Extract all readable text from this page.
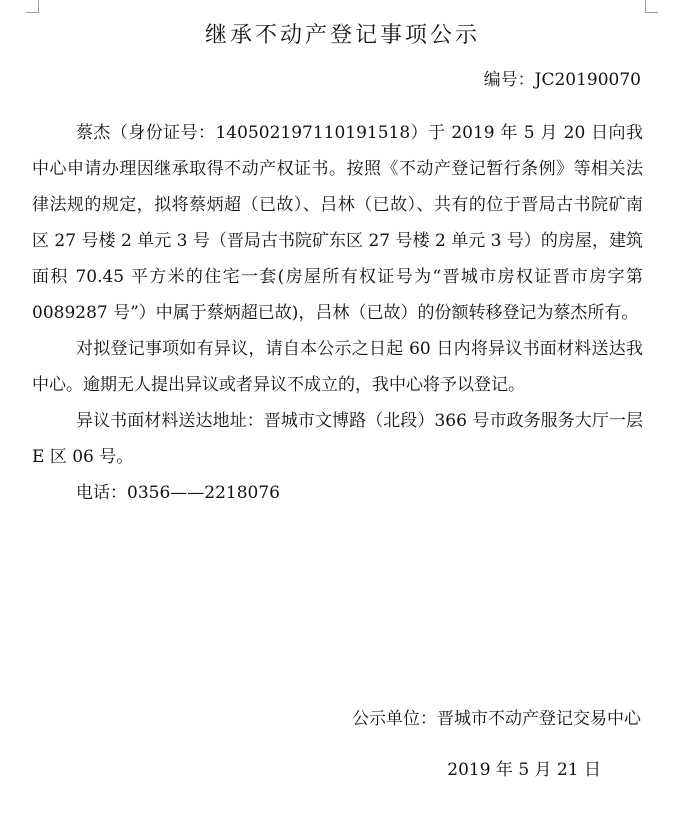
继承不动产登记事项公示
编号：JC20190070

蔡杰（身份证号：140502197110191518）于 2019 年 5 月 20 日向我中心申请办理因继承取得不动产权证书。按照《不动产登记暂行条例》等相关法律法规的规定，拟将蔡炳超（已故）、吕林（已故）、共有的位于晋局古书院矿南区 27 号楼 2 单元 3 号（晋局古书院矿东区 27 号楼 2 单元 3 号）的房屋，建筑面积 70.45 平方米的住宅一套(房屋所有权证号为“晋城市房权证晋市房字第 0089287 号”）中属于蔡炳超已故)，吕林（已故）的份额转移登记为蔡杰所有。

对拟登记事项如有异议，请自本公示之日起 60 日内将异议书面材料送达我中心。逾期无人提出异议或者异议不成立的，我中心将予以登记。

异议书面材料送达地址：晋城市文博路（北段）366 号市政务服务大厅一层 E 区 06 号。

电话：0356——2218076

公示单位：晋城市不动产登记交易中心
2019 年 5 月 21 日
